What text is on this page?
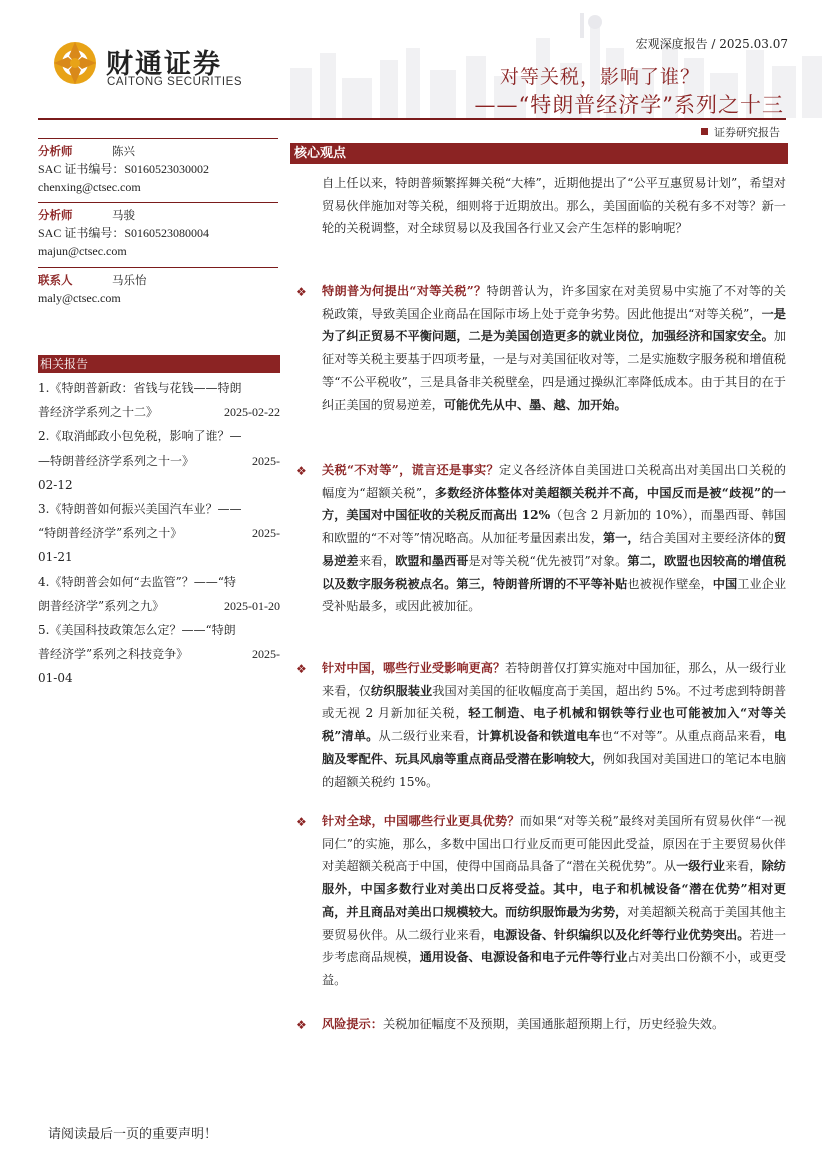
财通证券
CAITONG SECURITIES
宏观深度报告 / 2025.03.07
对等关税，影响了谁？
——“特朗普经济学”系列之十三
证券研究报告
分析师	陈兴
SAC 证书编号：S0160523030002
chenxing@ctsec.com
分析师	马骏
SAC 证书编号：S0160523080004
majun@ctsec.com
联系人	马乐怡
maly@ctsec.com
相关报告
1.《特朗普新政：省钱与花钱——特朗
普经济学系列之十二》	2025-02-22
2.《取消邮政小包免税，影响了谁？—
—特朗普经济学系列之十一》	2025-
02-12
3.《特朗普如何振兴美国汽车业？——
“特朗普经济学”系列之十》	2025-
01-21
4.《特朗普会如何“去监管”？——“特
朗普经济学”系列之九》	2025-01-20
5.《美国科技政策怎么定？——“特朗
普经济学”系列之科技竞争》	2025-
01-04
核心观点
自上任以来，特朗普频繁挥舞关税“大棒”，近期他提出了“公平互惠贸易计划”，希望对贸易伙伴施加对等关税，细则将于近期放出。那么，美国面临的关税有多不对等？新一轮的关税调整，对全球贸易以及我国各行业又会产生怎样的影响呢？
❖ 特朗普为何提出“对等关税”？特朗普认为，许多国家在对美贸易中实施了不对等的关税政策，导致美国企业商品在国际市场上处于竞争劣势。因此他提出“对等关税”，一是为了纠正贸易不平衡问题，二是为美国创造更多的就业岗位，加强经济和国家安全。加征对等关税主要基于四项考量，一是与对美国征收对等，二是实施数字服务税和增值税等“不公平税收”，三是具备非关税壁垒，四是通过操纵汇率降低成本。由于其目的在于纠正美国的贸易逆差，可能优先从中、墨、越、加开始。
❖ 关税“不对等”，谎言还是事实？定义各经济体自美国进口关税高出对美国出口关税的幅度为“超额关税”，多数经济体整体对美超额关税并不高，中国反而是被“歧视”的一方，美国对中国征收的关税反而高出 12%（包含 2 月新加的 10%），而墨西哥、韩国和欧盟的“不对等”情况略高。从加征考量因素出发，第一，结合美国对主要经济体的贸易逆差来看，欧盟和墨西哥是对等关税“优先被罚”对象。第二，欧盟也因较高的增值税以及数字服务税被点名。第三，特朗普所谓的不平等补贴也被视作壁垒，中国工业企业受补贴最多，或因此被加征。
❖ 针对中国，哪些行业受影响更高？若特朗普仅打算实施对中国加征，那么，从一级行业来看，仅纺织服装业我国对美国的征收幅度高于美国，超出约 5%。不过考虑到特朗普或无视 2 月新加征关税，轻工制造、电子机械和钢铁等行业也可能被加入“对等关税”清单。从二级行业来看，计算机设备和铁道电车也“不对等”。从重点商品来看，电脑及零配件、玩具风扇等重点商品受潜在影响较大，例如我国对美国进口的笔记本电脑的超额关税约 15%。
❖ 针对全球，中国哪些行业更具优势？而如果“对等关税”最终对美国所有贸易伙伴“一视同仁”的实施，那么，多数中国出口行业反而更可能因此受益，原因在于主要贸易伙伴对美超额关税高于中国，使得中国商品具备了“潜在关税优势”。从一级行业来看，除纺服外，中国多数行业对美出口反将受益。其中，电子和机械设备“潜在优势”相对更高，并且商品对美出口规模较大。而纺织服饰最为劣势，对美超额关税高于美国其他主要贸易伙伴。从二级行业来看，电源设备、针织编织以及化纤等行业优势突出。若进一步考虑商品规模，通用设备、电源设备和电子元件等行业占对美出口份额不小，或更受益。
❖ 风险提示：关税加征幅度不及预期，美国通胀超预期上行，历史经验失效。
请阅读最后一页的重要声明！
